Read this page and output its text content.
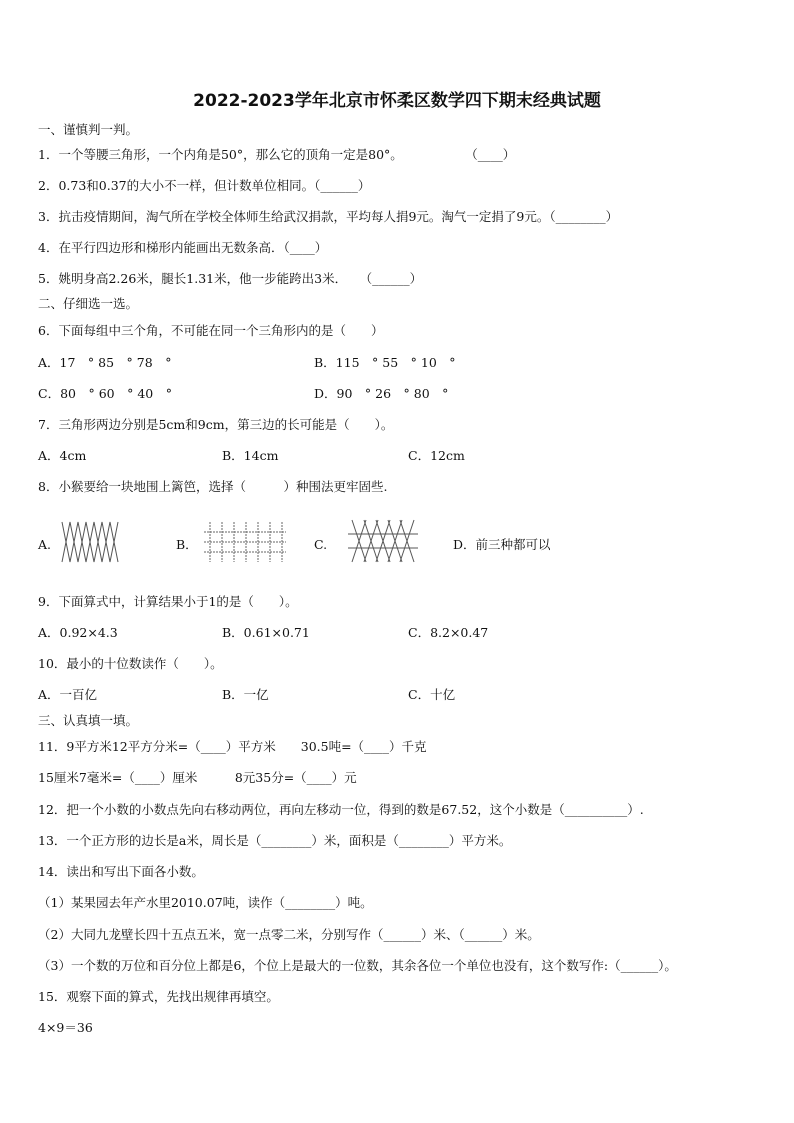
2022-2023学年北京市怀柔区数学四下期末经典试题
一、谨慎判一判。
1．一个等腰三角形，一个内角是50°，那么它的顶角一定是80°。　　　　　　（____）
2．0.73和0.37的大小不一样，但计数单位相同。（______）
3．抗击疫情期间，淘气所在学校全体师生给武汉捐款，平均每人捐9元。淘气一定捐了9元。（________）
4．在平行四边形和梯形内能画出无数条高．（____）
5．姚明身高2.26米，腿长1.31米，他一步能跨出3米．　　（______）
二、仔细选一选。
6．下面每组中三个角，不可能在同一个三角形内的是（　　）
A．17　° 85　° 78　°	B．115　° 55　° 10　°
C．80　° 60　° 40　°	D．90　° 26　° 80　°
7．三角形两边分别是5cm和9cm，第三边的长可能是（　　）。
A．4cm	B．14cm	C．12cm
8．小猴要给一块地围上篱笆，选择（　　　）种围法更牢固些.
A.	B．	C.	D．前三种都可以
9．下面算式中，计算结果小于1的是（　　）。
A．0.92×4.3	B．0.61×0.71	C．8.2×0.47
10．最小的十位数读作（　　）。
A．一百亿	B．一亿	C．十亿
三、认真填一填。
11．9平方米12平方分米=（____）平方米　　30.5吨=（____）千克
15厘米7毫米=（____）厘米　　　8元35分=（____）元
12．把一个小数的小数点先向右移动两位，再向左移动一位，得到的数是67.52，这个小数是（__________）.
13．一个正方形的边长是a米，周长是（________）米，面积是（________）平方米。
14．读出和写出下面各小数。
（1）某果园去年产水里2010.07吨，读作（________）吨。
（2）大同九龙壁长四十五点五米，宽一点零二米，分别写作（______）米、（______）米。
（3）一个数的万位和百分位上都是6，个位上是最大的一位数，其余各位一个单位也没有，这个数写作:（______）。
15．观察下面的算式，先找出规律再填空。
4×9＝36
